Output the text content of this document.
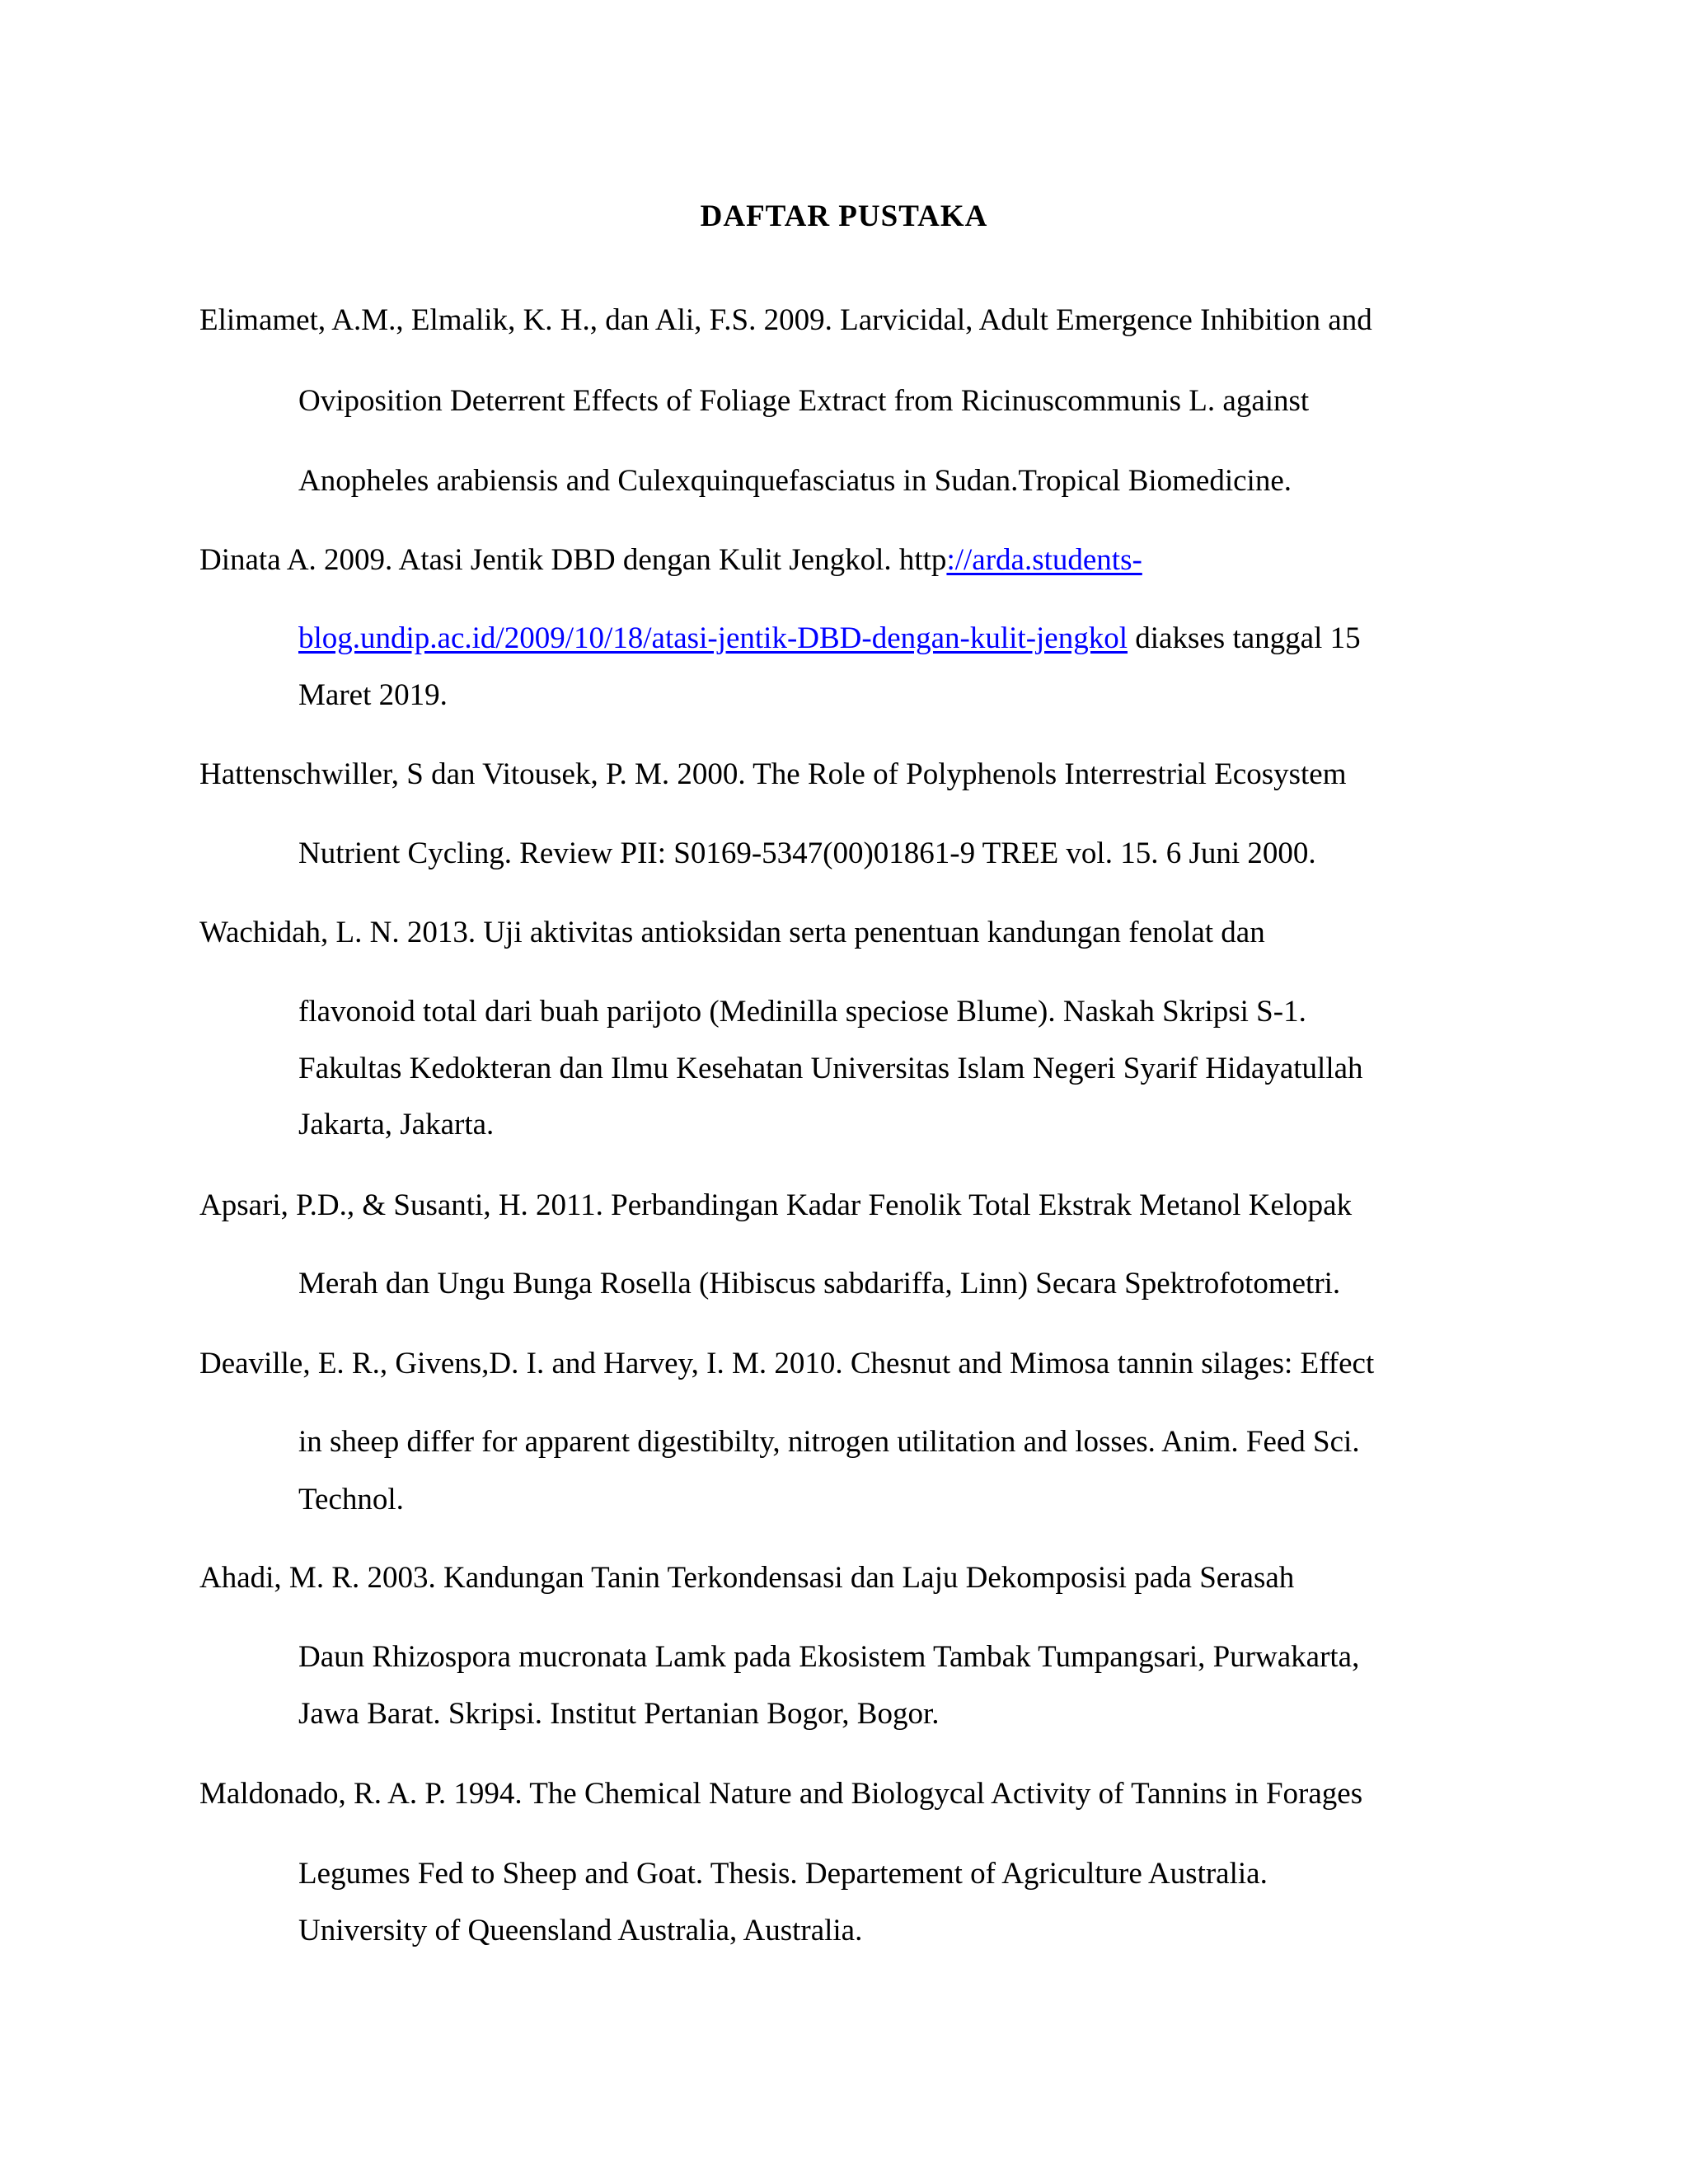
DAFTAR PUSTAKA
Elimamet, A.M., Elmalik, K. H., dan Ali, F.S. 2009. Larvicidal, Adult Emergence Inhibition and
Oviposition Deterrent Effects of Foliage Extract from Ricinuscommunis L. against
Anopheles arabiensis and Culexquinquefasciatus in Sudan.Tropical Biomedicine.
Dinata A. 2009. Atasi Jentik DBD dengan Kulit Jengkol. http://arda.students-
blog.undip.ac.id/2009/10/18/atasi-jentik-DBD-dengan-kulit-jengkol diakses tanggal 15
Maret 2019.
Hattenschwiller, S dan Vitousek, P. M. 2000. The Role of Polyphenols Interrestrial Ecosystem
Nutrient Cycling. Review PII: S0169-5347(00)01861-9 TREE vol. 15. 6 Juni 2000.
Wachidah, L. N. 2013. Uji aktivitas antioksidan serta penentuan kandungan fenolat dan
flavonoid total dari buah parijoto (Medinilla speciose Blume). Naskah Skripsi S-1.
Fakultas Kedokteran dan Ilmu Kesehatan Universitas Islam Negeri Syarif Hidayatullah
Jakarta, Jakarta.
Apsari, P.D., & Susanti, H. 2011. Perbandingan Kadar Fenolik Total Ekstrak Metanol Kelopak
Merah dan Ungu Bunga Rosella (Hibiscus sabdariffa, Linn) Secara Spektrofotometri.
Deaville, E. R., Givens,D. I. and Harvey, I. M. 2010. Chesnut and Mimosa tannin silages: Effect
in sheep differ for apparent digestibilty, nitrogen utilitation and losses. Anim. Feed Sci.
Technol.
Ahadi, M. R. 2003. Kandungan Tanin Terkondensasi dan Laju Dekomposisi pada Serasah
Daun Rhizospora mucronata Lamk pada Ekosistem Tambak Tumpangsari, Purwakarta,
Jawa Barat. Skripsi. Institut Pertanian Bogor, Bogor.
Maldonado, R. A. P. 1994. The Chemical Nature and Biologycal Activity of Tannins in Forages
Legumes Fed to Sheep and Goat. Thesis. Departement of Agriculture Australia.
University of Queensland Australia, Australia.
